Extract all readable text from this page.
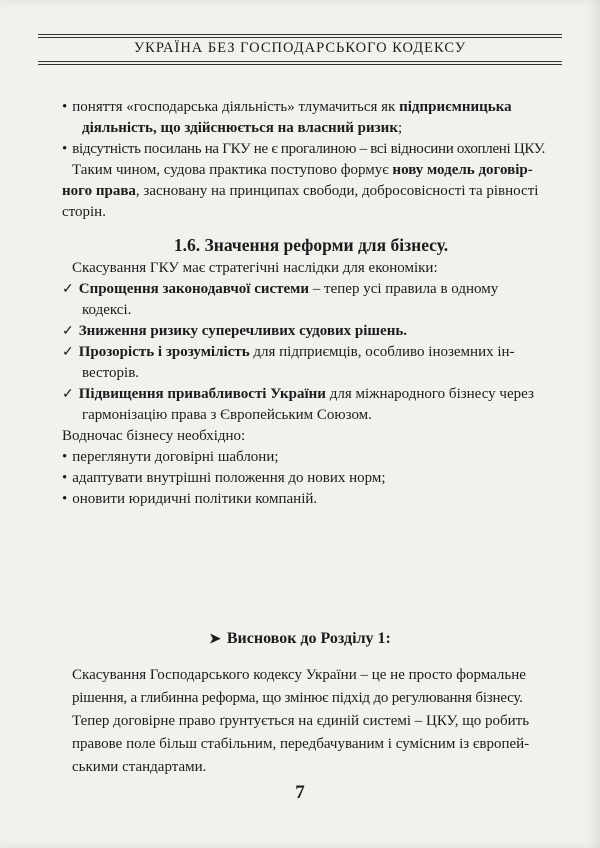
УКРАЇНА БЕЗ ГОСПОДАРСЬКОГО КОДЕКСУ
• поняття «господарська діяльність» тлумачиться як підприємницька
діяльність, що здійснюється на власний ризик;
• відсутність посилань на ГКУ не є прогалиною – всі відносини охоплені ЦКУ.
Таким чином, судова практика поступово формує нову модель договір-
ного права, засновану на принципах свободи, добросовісності та рівності
сторін.
1.6. Значення реформи для бізнесу.
Скасування ГКУ має стратегічні наслідки для економіки:
✓ Спрощення законодавчої системи – тепер усі правила в одному
кодексі.
✓ Зниження ризику суперечливих судових рішень.
✓ Прозорість і зрозумілість для підприємців, особливо іноземних ін-
весторів.
✓ Підвищення привабливості України для міжнародного бізнесу через
гармонізацію права з Європейським Союзом.
Водночас бізнесу необхідно:
• переглянути договірні шаблони;
• адаптувати внутрішні положення до нових норм;
• оновити юридичні політики компаній.
➤ Висновок до Розділу 1:
Скасування Господарського кодексу України – це не просто формальне
рішення, а глибинна реформа, що змінює підхід до регулювання бізнесу.
Тепер договірне право ґрунтується на єдиній системі – ЦКУ, що робить
правове поле більш стабільним, передбачуваним і сумісним із європей-
ськими стандартами.
7
